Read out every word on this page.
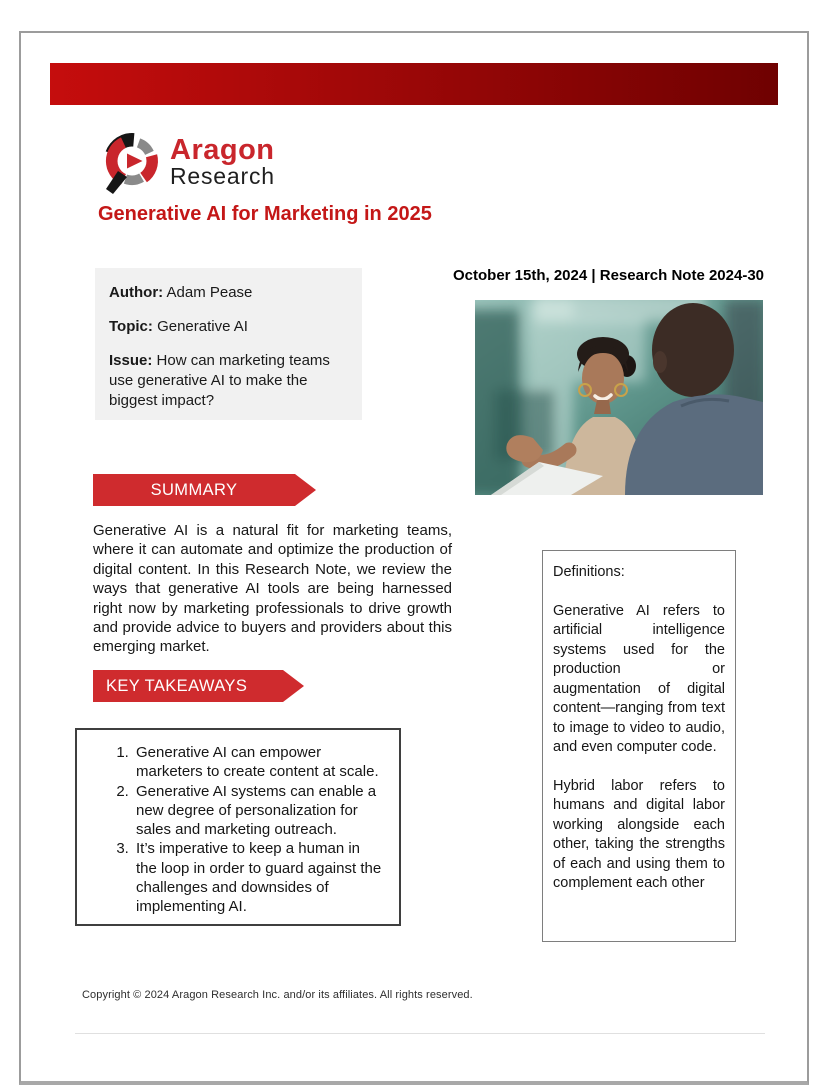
Aragon
Research
Generative AI for Marketing in 2025

Author: Adam Pease

Topic: Generative AI

Issue: How can marketing teams use generative AI to make the biggest impact?

October 15th, 2024 | Research Note 2024-30
SUMMARY
Generative AI is a natural fit for marketing teams, where it can automate and optimize the production of digital content. In this Research Note, we review the ways that generative AI tools are being harnessed right now by marketing professionals to drive growth and provide advice to buyers and providers about this emerging market.
KEY TAKEAWAYS
1. Generative AI can empower marketers to create content at scale.
2. Generative AI systems can enable a new degree of personalization for sales and marketing outreach.
3. It’s imperative to keep a human in the loop in order to guard against the challenges and downsides of implementing AI.

Definitions:

Generative AI refers to artificial intelligence systems used for the production or augmentation of digital content—ranging from text to image to video to audio, and even computer code.

Hybrid labor refers to humans and digital labor working alongside each other, taking the strengths of each and using them to complement each other

Copyright © 2024 Aragon Research Inc. and/or its affiliates. All rights reserved.
